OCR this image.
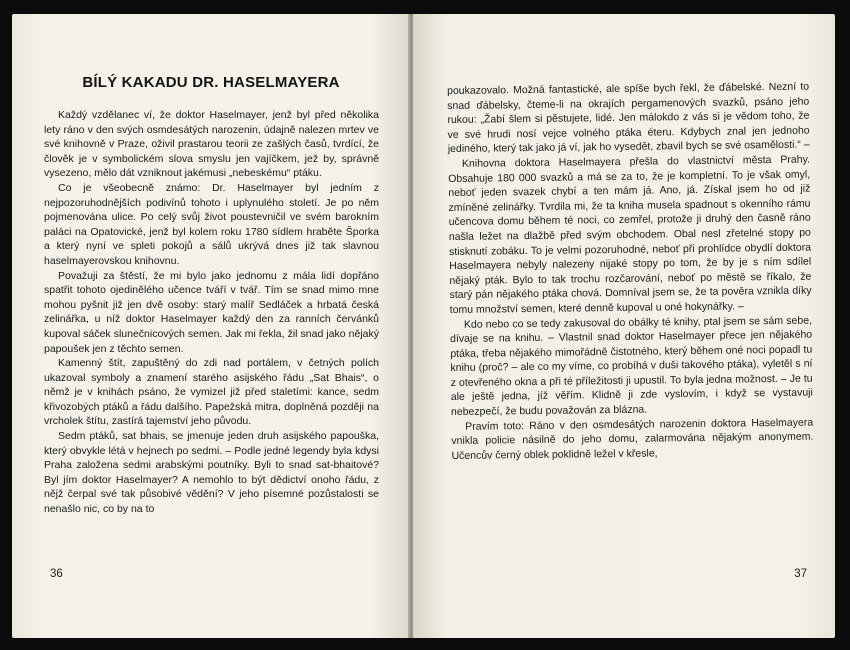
BÍLÝ KAKADU DR. HASELMAYERA

Každý vzdělanec ví, že doktor Haselmayer, jenž byl před několika lety ráno v den svých osmdesátých narozenin, údajně nalezen mrtev ve své knihovně v Praze, oživil prastarou teorii ze zašlých časů, tvrdící, že člověk je v symbolickém slova smyslu jen vajíčkem, jež by, správně vysezeno, mělo dát vzniknout jakémusi „nebeskému“ ptáku.

Co je všeobecně známo: Dr. Haselmayer byl jedním z nejpozoruhodnějších podivínů tohoto i uplynulého století. Je po něm pojmenována ulice. Po celý svůj život poustevničil ve svém barokním paláci na Opatovické, jenž byl kolem roku 1780 sídlem hraběte Šporka a který nyní ve spleti pokojů a sálů ukrývá dnes již tak slavnou haselmayerovskou knihovnu.

Považuji za štěstí, že mi bylo jako jednomu z mála lidí dopřáno spatřit tohoto ojedinělého učence tváří v tvář. Tím se snad mimo mne mohou pyšnit již jen dvě osoby: starý malíř Sedláček a hrbatá česká zelinářka, u níž doktor Haselmayer každý den za ranních červánků kupoval sáček slunečnicových semen. Jak mi řekla, žil snad jako nějaký papoušek jen z těchto semen.

Kamenný štít, zapuštěný do zdi nad portálem, v četných polích ukazoval symboly a znamení starého asijského řádu „Sat Bhais“, o němž je v knihách psáno, že vymizel již před staletími: kance, sedm křivozobých ptáků a řádu dalšího. Papežská mitra, doplněná později na vrcholek štítu, zastírá tajemství jeho původu.

Sedm ptáků, sat bhais, se jmenuje jeden druh asijského papouška, který obvykle létá v hejnech po sedmi. – Podle jedné legendy byla kdysi Praha založena sedmi arabskými poutníky. Byli to snad sat-bhaitové? Byl jím doktor Haselmayer? A nemohlo to být dědictví onoho řádu, z nějž čerpal své tak působivé vědění? V jeho písemné pozůstalosti se nenašlo nic, co by na to

36

poukazovalo. Možná fantastické, ale spíše bych řekl, že ďábelské. Nezní to snad ďábelsky, čteme-li na okrajích pergamenových svazků, psáno jeho rukou: „Žabí šlem si pěstujete, lidé. Jen málokdo z vás si je vědom toho, že ve své hrudi nosí vejce volného ptáka éteru. Kdybych znal jen jednoho jediného, který tak jako já ví, jak ho vysedět, zbavil bych se své osamělosti.“ –

Knihovna doktora Haselmayera přešla do vlastnictví města Prahy. Obsahuje 180 000 svazků a má se za to, že je kompletní. To je však omyl, neboť jeden svazek chybí a ten mám já. Ano, já. Získal jsem ho od již zmíněné zelinářky. Tvrdila mi, že ta kniha musela spadnout s okenního rámu učencova domu během té noci, co zemřel, protože ji druhý den časně ráno našla ležet na dlažbě před svým obchodem. Obal nesl zřetelné stopy po stisknutí zobáku. To je velmi pozoruhodné, neboť při prohlídce obydlí doktora Haselmayera nebyly nalezeny nijaké stopy po tom, že by je s ním sdílel nějaký pták. Bylo to tak trochu rozčarování, neboť po městě se říkalo, že starý pán nějakého ptáka chová. Domníval jsem se, že ta pověra vznikla díky tomu množství semen, které denně kupoval u oné hokynářky. –

Kdo nebo co se tedy zakusoval do obálky té knihy, ptal jsem se sám sebe, dívaje se na knihu. – Vlastnil snad doktor Haselmayer přece jen nějakého ptáka, třeba nějakého mimořádně čistotného, který během oné noci popadl tu knihu (proč? – ale co my víme, co probíhá v duši takového ptáka), vyletěl s ní z otevřeného okna a při té příležitosti ji upustil. To byla jedna možnost. – Je tu ale ještě jedna, jíž věřím. Klidně ji zde vyslovím, i když se vystavuji nebezpečí, že budu považován za blázna.

Pravím toto: Ráno v den osmdesátých narozenin doktora Haselmayera vnikla policie násilně do jeho domu, zalarmována nějakým anonymem. Učencův černý oblek poklidně ležel v křesle,

37
